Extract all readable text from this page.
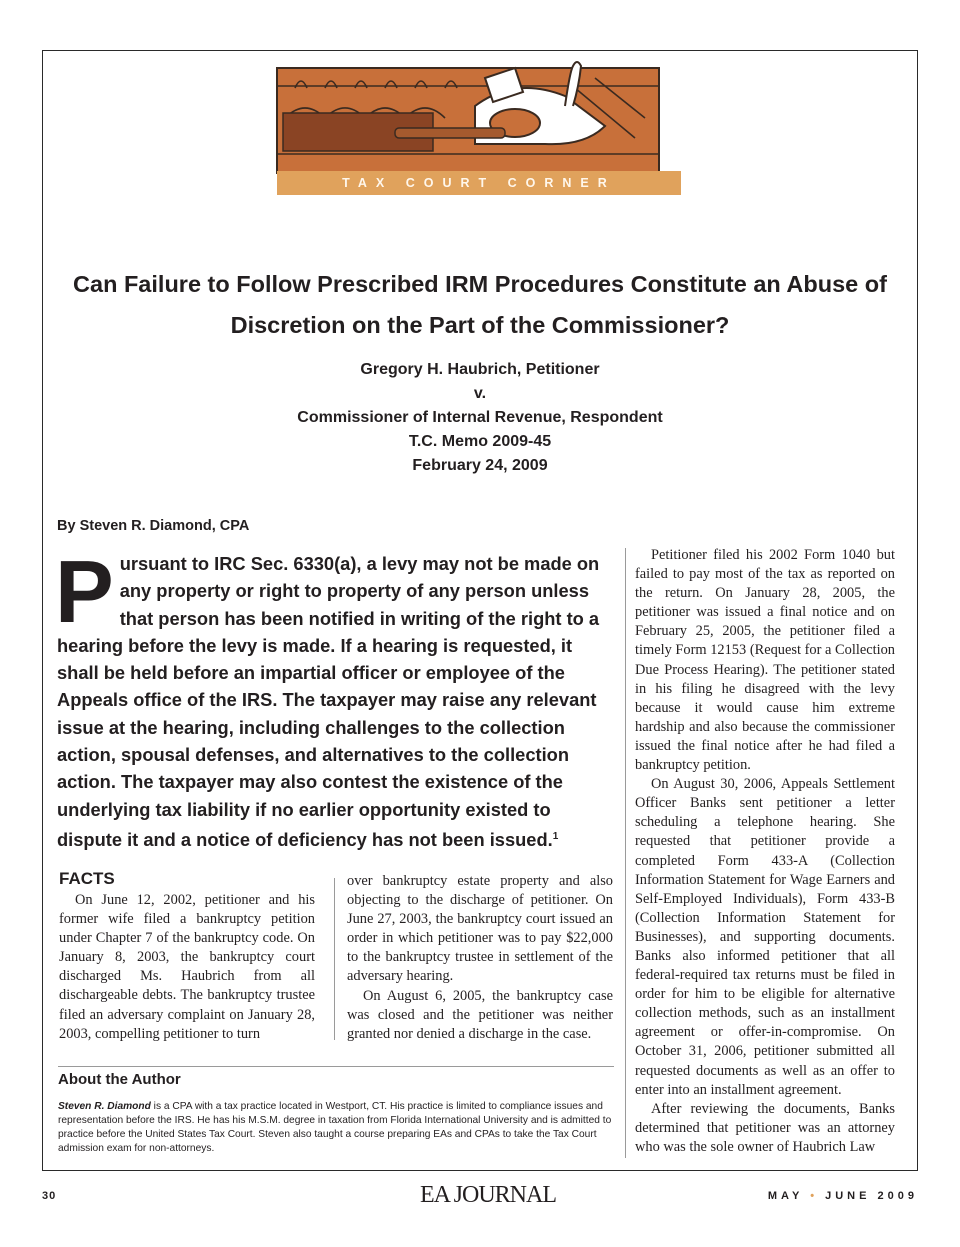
TAX COURT CORNER
Can Failure to Follow Prescribed IRM Procedures Constitute an Abuse of Discretion on the Part of the Commissioner?
Gregory H. Haubrich, Petitioner
v.
Commissioner of Internal Revenue, Respondent
T.C. Memo 2009-45
February 24, 2009
By Steven R. Diamond, CPA
Pursuant to IRC Sec. 6330(a), a levy may not be made on any property or right to property of any person unless that person has been notified in writing of the right to a hearing before the levy is made. If a hearing is requested, it shall be held before an impartial officer or employee of the Appeals office of the IRS. The taxpayer may raise any relevant issue at the hearing, including challenges to the collection action, spousal defenses, and alternatives to the collection action. The taxpayer may also contest the existence of the underlying tax liability if no earlier opportunity existed to dispute it and a notice of deficiency has not been issued.$^1$
FACTS

On June 12, 2002, petitioner and his former wife filed a bankruptcy petition under Chapter 7 of the bankruptcy code. On January 8, 2003, the bankruptcy court discharged Ms. Haubrich from all dischargeable debts. The bankruptcy trustee filed an adversary complaint on January 28, 2003, compelling petitioner to turn

over bankruptcy estate property and also objecting to the discharge of petitioner. On June 27, 2003, the bankruptcy court issued an order in which petitioner was to pay $22,000 to the bankruptcy trustee in settlement of the adversary hearing.

On August 6, 2005, the bankruptcy case was closed and the petitioner was neither granted nor denied a discharge in the case.

Petitioner filed his 2002 Form 1040 but failed to pay most of the tax as reported on the return. On January 28, 2005, the petitioner was issued a final notice and on February 25, 2005, the petitioner filed a timely Form 12153 (Request for a Collection Due Process Hearing). The petitioner stated in his filing he disagreed with the levy because it would cause him extreme hardship and also because the commissioner issued the final notice after he had filed a bankruptcy petition.

On August 30, 2006, Appeals Settlement Officer Banks sent petitioner a letter scheduling a telephone hearing. She requested that petitioner provide a completed Form 433-A (Collection Information Statement for Wage Earners and Self-Employed Individuals), Form 433-B (Collection Information Statement for Businesses), and supporting documents. Banks also informed petitioner that all federal-required tax returns must be filed in order for him to be eligible for alternative collection methods, such as an installment agreement or offer-in-compromise. On October 31, 2006, petitioner submitted all requested documents as well as an offer to enter into an installment agreement.

After reviewing the documents, Banks determined that petitioner was an attorney who was the sole owner of Haubrich Law

About the Author
Steven R. Diamond is a CPA with a tax practice located in Westport, CT. His practice is limited to compliance issues and representation before the IRS. He has his M.S.M. degree in taxation from Florida International University and is admitted to practice before the United States Tax Court. Steven also taught a course preparing EAs and CPAs to take the Tax Court admission exam for non-attorneys.
30	EA JOURNAL	MAY • JUNE 2009
